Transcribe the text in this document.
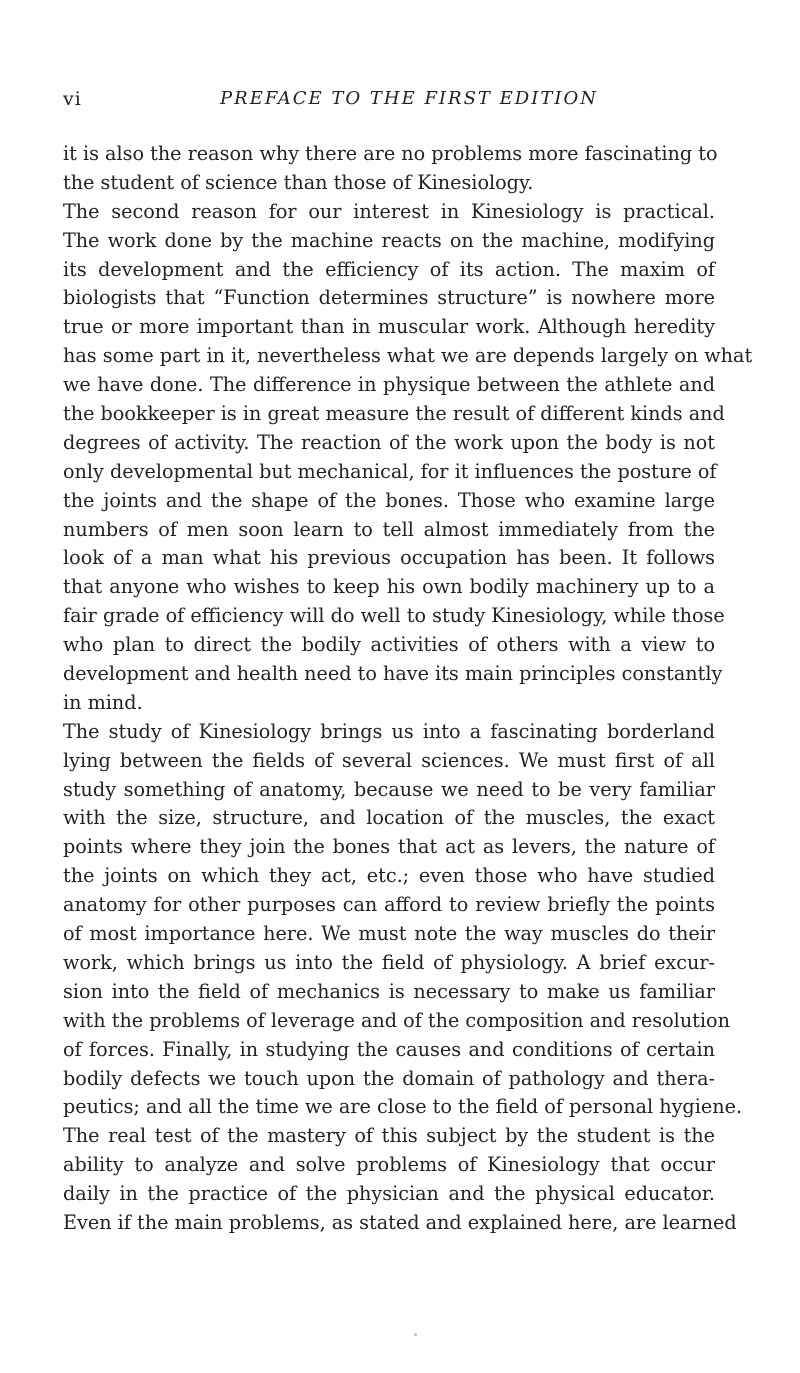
vi	PREFACE TO THE FIRST EDITION
it is also the reason why there are no problems more fascinating to
the student of science than those of Kinesiology.
The second reason for our interest in Kinesiology is practical.
The work done by the machine reacts on the machine, modifying
its development and the efficiency of its action. The maxim of
biologists that “Function determines structure” is nowhere more
true or more important than in muscular work. Although heredity
has some part in it, nevertheless what we are depends largely on what
we have done. The difference in physique between the athlete and
the bookkeeper is in great measure the result of different kinds and
degrees of activity. The reaction of the work upon the body is not
only developmental but mechanical, for it influences the posture of
the joints and the shape of the bones. Those who examine large
numbers of men soon learn to tell almost immediately from the
look of a man what his previous occupation has been. It follows
that anyone who wishes to keep his own bodily machinery up to a
fair grade of efficiency will do well to study Kinesiology, while those
who plan to direct the bodily activities of others with a view to
development and health need to have its main principles constantly
in mind.
The study of Kinesiology brings us into a fascinating borderland
lying between the fields of several sciences. We must first of all
study something of anatomy, because we need to be very familiar
with the size, structure, and location of the muscles, the exact
points where they join the bones that act as levers, the nature of
the joints on which they act, etc.; even those who have studied
anatomy for other purposes can afford to review briefly the points
of most importance here. We must note the way muscles do their
work, which brings us into the field of physiology. A brief excur-
sion into the field of mechanics is necessary to make us familiar
with the problems of leverage and of the composition and resolution
of forces. Finally, in studying the causes and conditions of certain
bodily defects we touch upon the domain of pathology and thera-
peutics; and all the time we are close to the field of personal hygiene.
The real test of the mastery of this subject by the student is the
ability to analyze and solve problems of Kinesiology that occur
daily in the practice of the physician and the physical educator.
Even if the main problems, as stated and explained here, are learned
